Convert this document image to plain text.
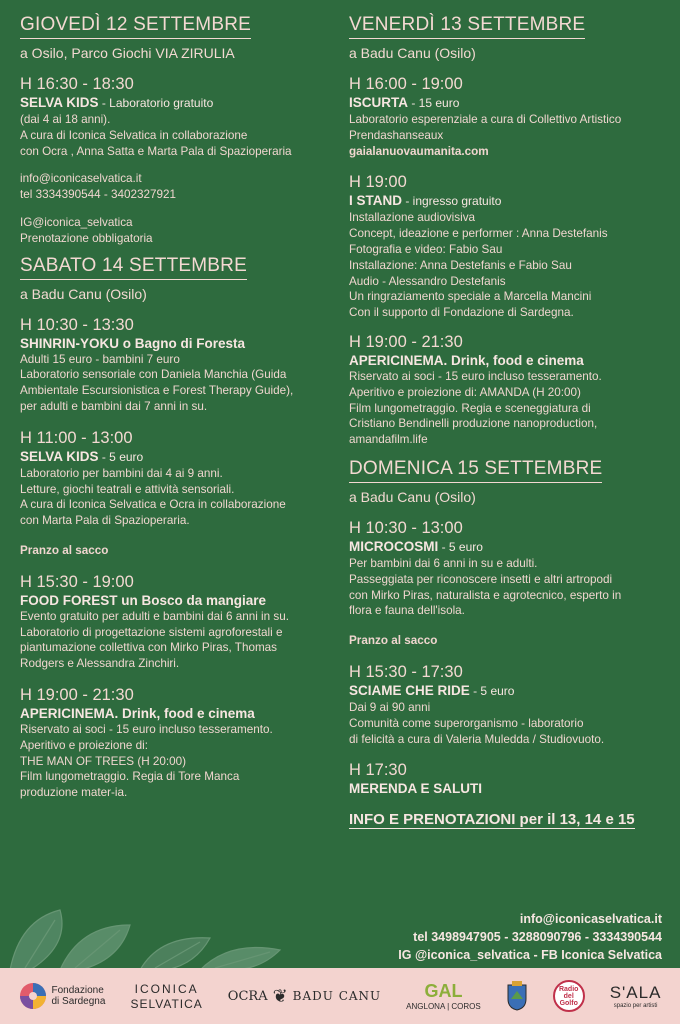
GIOVEDÌ 12 SETTEMBRE
a Osilo, Parco Giochi VIA ZIRULIA
H 16:30 - 18:30
SELVA KIDS - Laboratorio gratuito
(dai 4 ai 18 anni).
A cura di Iconica Selvatica in collaborazione
con Ocra , Anna Satta e Marta Pala di Spazioperaria
info@iconicaselvatica.it
tel 3334390544 - 3402327921
IG@iconica_selvatica
Prenotazione obbligatoria
SABATO 14 SETTEMBRE
a Badu Canu (Osilo)
H 10:30 - 13:30
SHINRIN-YOKU o Bagno di Foresta
Adulti 15 euro - bambini 7 euro
Laboratorio sensoriale con Daniela Manchia (Guida
Ambientale Escursionistica e Forest Therapy Guide),
per adulti e bambini dai 7 anni in su.
H 11:00 - 13:00
SELVA KIDS - 5 euro
Laboratorio per bambini dai 4 ai 9 anni.
Letture, giochi teatrali e attività sensoriali.
A cura di Iconica Selvatica e Ocra in collaborazione
con Marta Pala di Spazioperaria.
Pranzo al sacco
H 15:30 - 19:00
FOOD FOREST un Bosco da mangiare
Evento gratuito per adulti e bambini dai 6 anni in su.
Laboratorio di progettazione sistemi agroforestali e
piantumazione collettiva con Mirko Piras, Thomas
Rodgers e Alessandra Zinchiri.
H 19:00 - 21:30
APERICINEMA. Drink, food e cinema
Riservato ai soci - 15 euro incluso tesseramento.
Aperitivo e proiezione di:
THE MAN OF TREES (H 20:00)
Film lungometraggio. Regia di Tore Manca
produzione mater-ia.
VENERDÌ 13 SETTEMBRE
a Badu Canu (Osilo)
H 16:00 - 19:00
ISCURTA - 15 euro
Laboratorio esperenziale a cura di Collettivo Artistico
Prendashanseaux
gaialanuovaumanita.com
H 19:00
I STAND - ingresso gratuito
Installazione audiovisiva
Concept, ideazione e performer : Anna Destefanis
Fotografia e video: Fabio Sau
Installazione: Anna Destefanis e Fabio Sau
Audio - Alessandro Destefanis
Un ringraziamento speciale a Marcella Mancini
Con il supporto di Fondazione di Sardegna.
H 19:00 - 21:30
APERICINEMA. Drink, food e cinema
Riservato ai soci - 15 euro incluso tesseramento.
Aperitivo e proiezione di: AMANDA (H 20:00)
Film lungometraggio. Regia e sceneggiatura di
Cristiano Bendinelli produzione nanoproduction,
amandafilm.life
DOMENICA 15 SETTEMBRE
a Badu Canu (Osilo)
H 10:30 - 13:00
MICROCOSMI - 5 euro
Per bambini dai 6 anni in su e adulti.
Passeggiata per riconoscere insetti e altri artropodi
con Mirko Piras, naturalista e agrotecnico, esperto in
flora e fauna dell'isola.
Pranzo al sacco
H 15:30 - 17:30
SCIAME CHE RIDE - 5 euro
Dai 9 ai 90 anni
Comunità come superorganismo - laboratorio
di felicità a cura di Valeria Muledda / Studiovuoto.
H 17:30
MERENDA E SALUTI
INFO E PRENOTAZIONI per il 13, 14 e 15
info@iconicaselvatica.it
tel 3498947905 - 3288090796 - 3334390544
IG @iconica_selvatica - FB Iconica Selvatica
Fondazione
di Sardegna
ICONICA
SELVATICA OCRA ❦ BADU CANU GAL
ANGLONA | COROS
Radio
del
Golfo
S'ALA
spazio per artisti
